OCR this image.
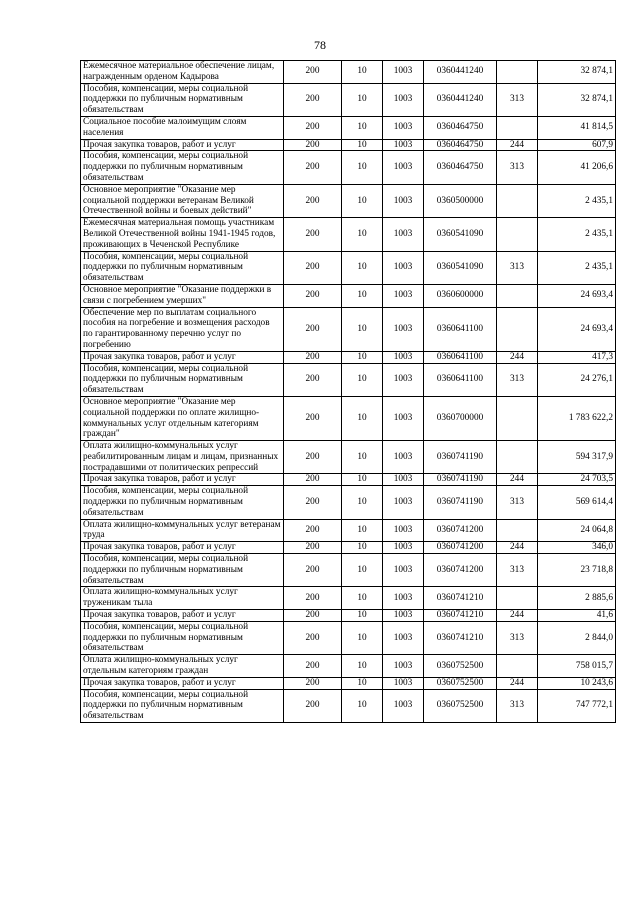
78
Ежемесячное материальное обеспечение лицам, награжденным орденом Кадырова	200	10	1003	0360441240		32 874,1
Пособия, компенсации, меры социальной поддержки по публичным нормативным обязательствам	200	10	1003	0360441240	313	32 874,1
Социальное пособие малоимущим слоям населения	200	10	1003	0360464750		41 814,5
Прочая закупка товаров, работ и услуг	200	10	1003	0360464750	244	607,9
Пособия, компенсации, меры социальной поддержки по публичным нормативным обязательствам	200	10	1003	0360464750	313	41 206,6
Основное мероприятие "Оказание мер социальной поддержки ветеранам Великой Отечественной войны и боевых действий"	200	10	1003	0360500000		2 435,1
Ежемесячная материальная помощь участникам Великой Отечественной войны 1941-1945 годов, проживающих в Чеченской Республике	200	10	1003	0360541090		2 435,1
Пособия, компенсации, меры социальной поддержки по публичным нормативным обязательствам	200	10	1003	0360541090	313	2 435,1
Основное мероприятие "Оказание поддержки в связи с погребением умерших"	200	10	1003	0360600000		24 693,4
Обеспечение мер по выплатам социального пособия на погребение и возмещения расходов по гарантированному перечню услуг по погребению	200	10	1003	0360641100		24 693,4
Прочая закупка товаров, работ и услуг	200	10	1003	0360641100	244	417,3
Пособия, компенсации, меры социальной поддержки по публичным нормативным обязательствам	200	10	1003	0360641100	313	24 276,1
Основное мероприятие "Оказание мер социальной поддержки по оплате жилищно-коммунальных услуг отдельным категориям граждан"	200	10	1003	0360700000		1 783 622,2
Оплата жилищно-коммунальных услуг реабилитированным лицам и лицам, признанных пострадавшими от политических репрессий	200	10	1003	0360741190		594 317,9
Прочая закупка товаров, работ и услуг	200	10	1003	0360741190	244	24 703,5
Пособия, компенсации, меры социальной поддержки по публичным нормативным обязательствам	200	10	1003	0360741190	313	569 614,4
Оплата жилищно-коммунальных услуг ветеранам труда	200	10	1003	0360741200		24 064,8
Прочая закупка товаров, работ и услуг	200	10	1003	0360741200	244	346,0
Пособия, компенсации, меры социальной поддержки по публичным нормативным обязательствам	200	10	1003	0360741200	313	23 718,8
Оплата жилищно-коммунальных услуг труженикам тыла	200	10	1003	0360741210		2 885,6
Прочая закупка товаров, работ и услуг	200	10	1003	0360741210	244	41,6
Пособия, компенсации, меры социальной поддержки по публичным нормативным обязательствам	200	10	1003	0360741210	313	2 844,0
Оплата жилищно-коммунальных услуг отдельным категориям граждан	200	10	1003	0360752500		758 015,7
Прочая закупка товаров, работ и услуг	200	10	1003	0360752500	244	10 243,6
Пособия, компенсации, меры социальной поддержки по публичным нормативным обязательствам	200	10	1003	0360752500	313	747 772,1
